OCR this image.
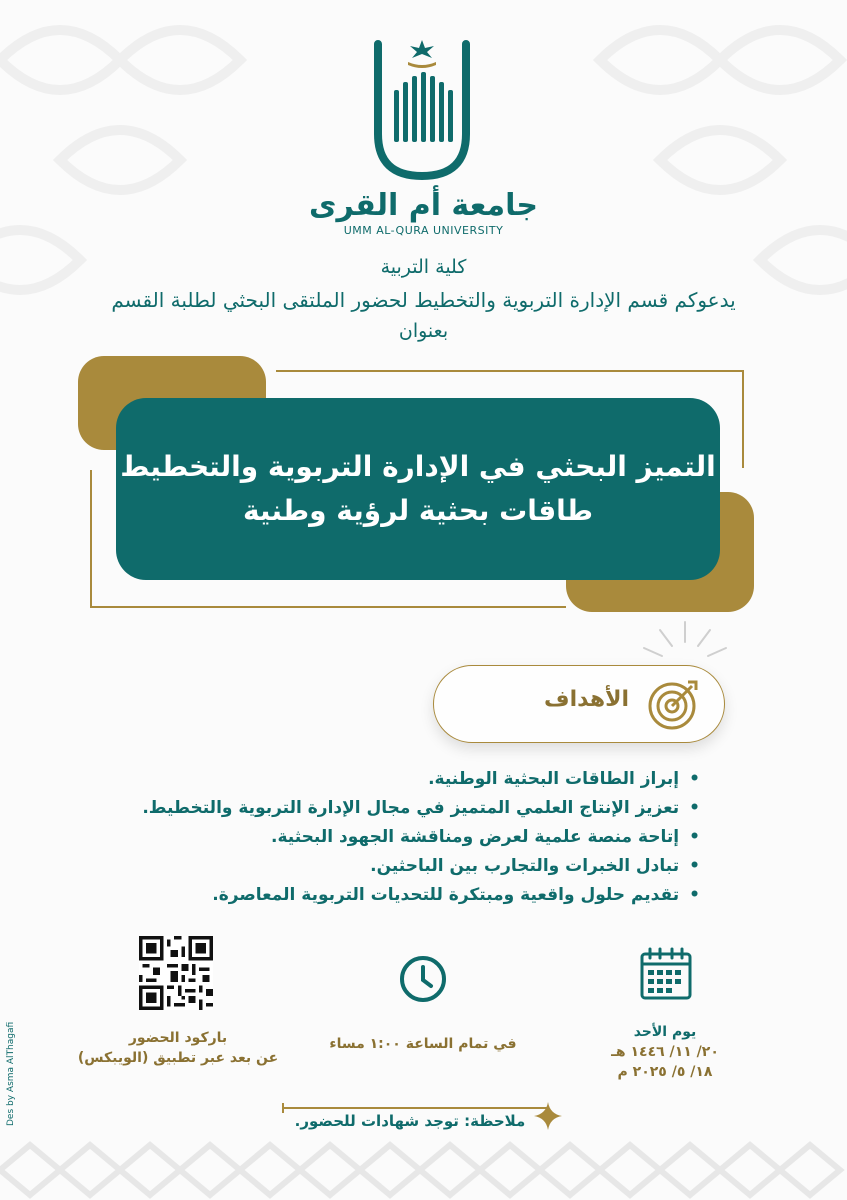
جامعة أم القرى
UMM AL-QURA UNIVERSITY
كلية التربية
يدعوكم قسم الإدارة التربوية والتخطيط لحضور الملتقى البحثي لطلبة القسم
بعنوان
التميز البحثي في الإدارة التربوية والتخطيط
طاقات بحثية لرؤية وطنية
الأهداف
• إبراز الطاقات البحثية الوطنية.
• تعزيز الإنتاج العلمي المتميز في مجال الإدارة التربوية والتخطيط.
• إتاحة منصة علمية لعرض ومناقشة الجهود البحثية.
• تبادل الخبرات والتجارب بين الباحثين.
• تقديم حلول واقعية ومبتكرة للتحديات التربوية المعاصرة.
باركود الحضور
عن بعد عبر تطبيق (الويبكس)
في تمام الساعة ١:٠٠ مساء
يوم الأحد
٢٠/ ١١/ ١٤٤٦ هـ
١٨/ ٥/ ٢٠٢٥ م
ملاحظة: توجد شهادات للحضور.
Des by Asma AlThagafi
